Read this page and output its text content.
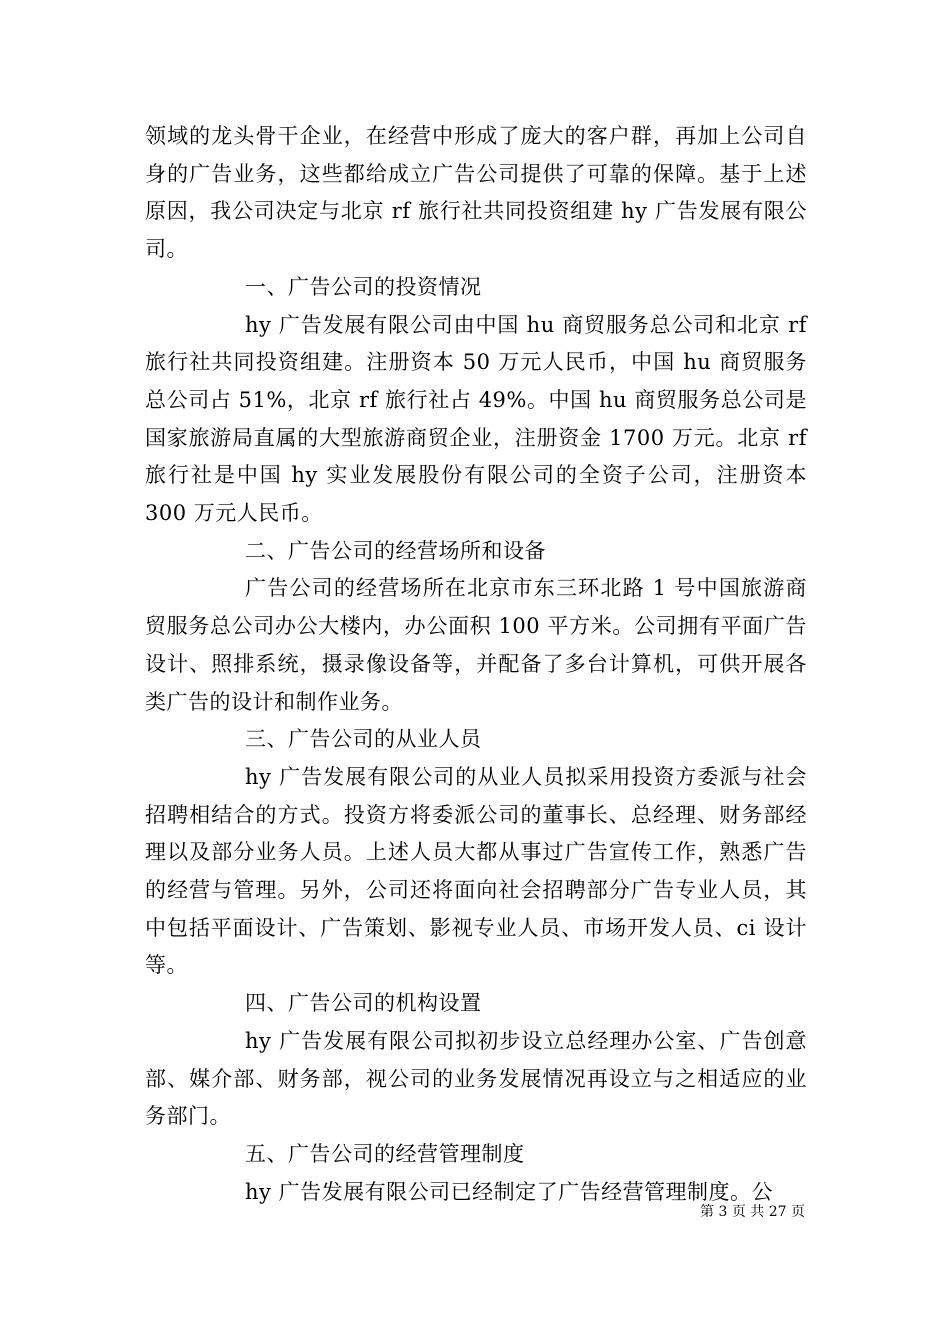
领域的龙头骨干企业，在经营中形成了庞大的客户群，再加上公司自身的广告业务，这些都给成立广告公司提供了可靠的保障。基于上述原因，我公司决定与北京 rf 旅行社共同投资组建 hy 广告发展有限公司。

一、广告公司的投资情况

hy 广告发展有限公司由中国 hu 商贸服务总公司和北京 rf 旅行社共同投资组建。注册资本 50 万元人民币，中国 hu 商贸服务总公司占 51%，北京 rf 旅行社占 49%。中国 hu 商贸服务总公司是国家旅游局直属的大型旅游商贸企业，注册资金 1700 万元。北京 rf 旅行社是中国 hy 实业发展股份有限公司的全资子公司，注册资本 300 万元人民币。

二、广告公司的经营场所和设备

广告公司的经营场所在北京市东三环北路 1 号中国旅游商贸服务总公司办公大楼内，办公面积 100 平方米。公司拥有平面广告设计、照排系统，摄录像设备等，并配备了多台计算机，可供开展各类广告的设计和制作业务。

三、广告公司的从业人员

hy 广告发展有限公司的从业人员拟采用投资方委派与社会招聘相结合的方式。投资方将委派公司的董事长、总经理、财务部经理以及部分业务人员。上述人员大都从事过广告宣传工作，熟悉广告的经营与管理。另外，公司还将面向社会招聘部分广告专业人员，其中包括平面设计、广告策划、影视专业人员、市场开发人员、ci 设计等。

四、广告公司的机构设置

hy 广告发展有限公司拟初步设立总经理办公室、广告创意部、媒介部、财务部，视公司的业务发展情况再设立与之相适应的业务部门。

五、广告公司的经营管理制度

hy 广告发展有限公司已经制定了广告经营管理制度。公

第 3 页 共 27 页
